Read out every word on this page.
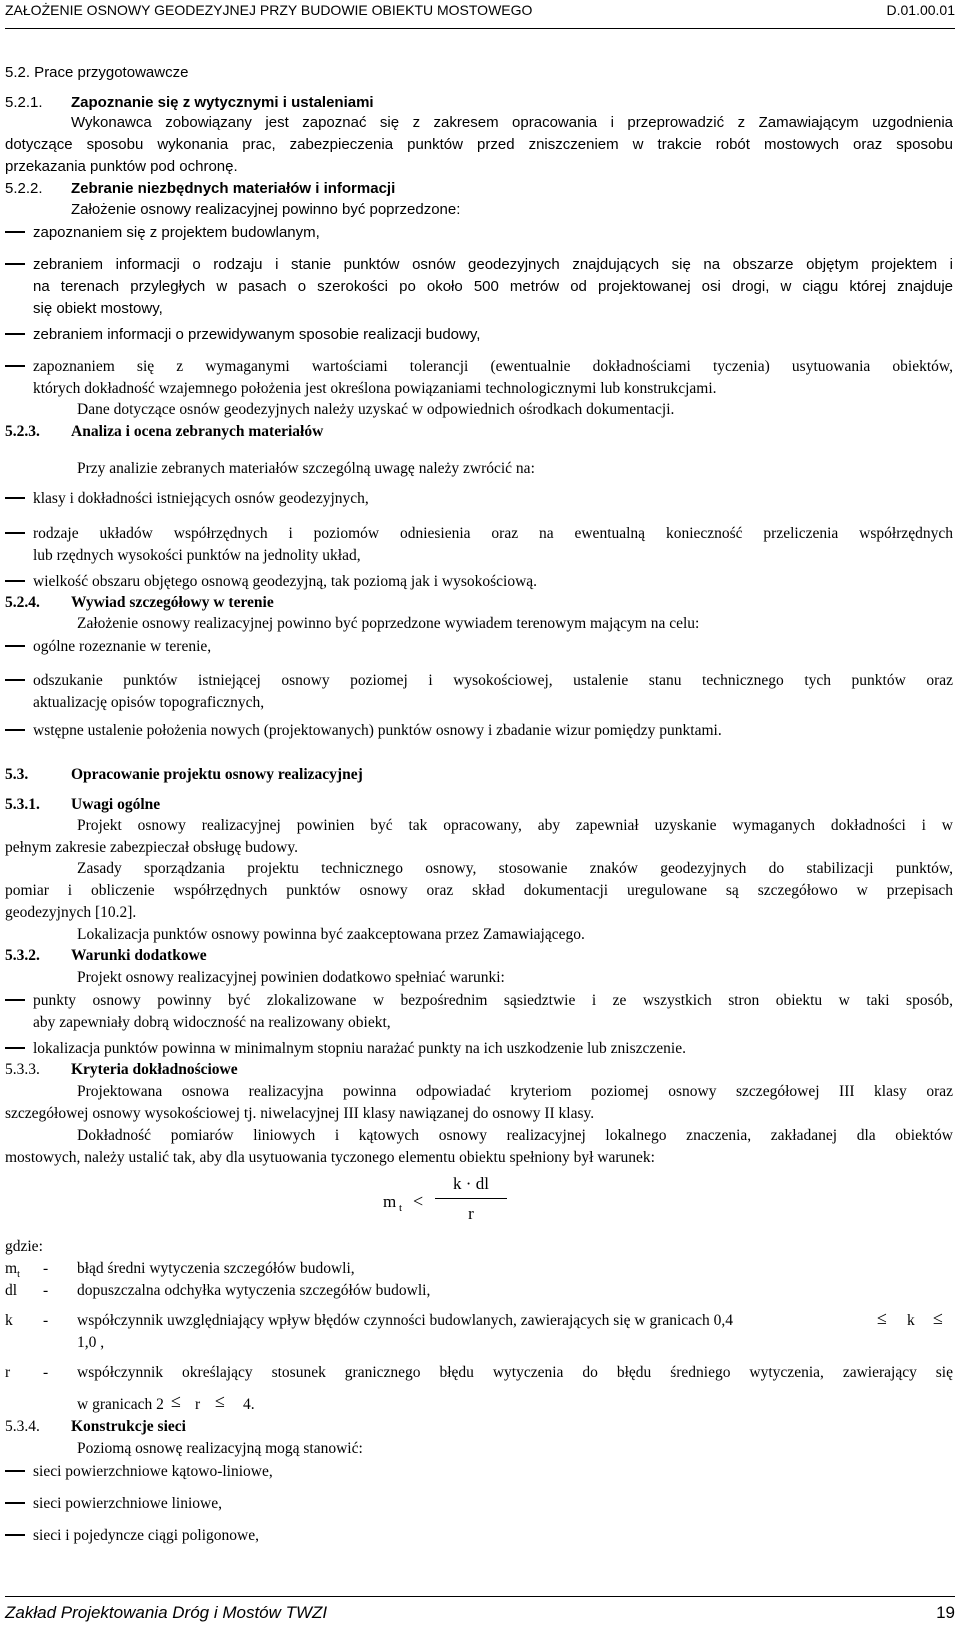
ZAŁOŻENIE OSNOWY GEODEZYJNEJ PRZY BUDOWIE OBIEKTU MOSTOWEGO	D.01.00.01
5.2. Prace przygotowawcze
5.2.1. Zapoznanie się z wytycznymi i ustaleniami
Wykonawca zobowiązany jest zapoznać się z zakresem opracowania i przeprowadzić z Zamawiającym uzgodnienia
dotyczące sposobu wykonania prac, zabezpieczenia punktów przed zniszczeniem w trakcie robót mostowych oraz sposobu
przekazania punktów pod ochronę.
5.2.2. Zebranie niezbędnych materiałów i informacji
Założenie osnowy realizacyjnej powinno być poprzedzone:
zapoznaniem się z projektem budowlanym,
zebraniem informacji o rodzaju i stanie punktów osnów geodezyjnych znajdujących się na obszarze objętym projektem i
na terenach przyległych w pasach o szerokości po około 500 metrów od projektowanej osi drogi, w ciągu której znajduje
się obiekt mostowy,
zebraniem informacji o przewidywanym sposobie realizacji budowy,
zapoznaniem się z wymaganymi wartościami tolerancji (ewentualnie dokładnościami tyczenia) usytuowania obiektów,
których dokładność wzajemnego położenia jest określona powiązaniami technologicznymi lub konstrukcjami.
Dane dotyczące osnów geodezyjnych należy uzyskać w odpowiednich ośrodkach dokumentacji.
5.2.3. Analiza i ocena zebranych materiałów
Przy analizie zebranych materiałów szczególną uwagę należy zwrócić na:
klasy i dokładności istniejących osnów geodezyjnych,
rodzaje układów współrzędnych i poziomów odniesienia oraz na ewentualną konieczność przeliczenia współrzędnych
lub rzędnych wysokości punktów na jednolity układ,
wielkość obszaru objętego osnową geodezyjną, tak poziomą jak i wysokościową.
5.2.4. Wywiad szczegółowy w terenie
Założenie osnowy realizacyjnej powinno być poprzedzone wywiadem terenowym mającym na celu:
ogólne rozeznanie w terenie,
odszukanie punktów istniejącej osnowy poziomej i wysokościowej, ustalenie stanu technicznego tych punktów oraz
aktualizację opisów topograficznych,
wstępne ustalenie położenia nowych (projektowanych) punktów osnowy i zbadanie wizur pomiędzy punktami.
5.3.	Opracowanie projektu osnowy realizacyjnej
5.3.1. Uwagi ogólne
Projekt osnowy realizacyjnej powinien być tak opracowany, aby zapewniał uzyskanie wymaganych dokładności i w
pełnym zakresie zabezpieczał obsługę budowy.
Zasady sporządzania projektu technicznego osnowy, stosowanie znaków geodezyjnych do stabilizacji punktów,
pomiar i obliczenie współrzędnych punktów osnowy oraz skład dokumentacji uregulowane są szczegółowo w przepisach
geodezyjnych [10.2].
Lokalizacja punktów osnowy powinna być zaakceptowana przez Zamawiającego.
5.3.2. Warunki dodatkowe
Projekt osnowy realizacyjnej powinien dodatkowo spełniać warunki:
punkty osnowy powinny być zlokalizowane w bezpośrednim sąsiedztwie i ze wszystkich stron obiektu w taki sposób,
aby zapewniały dobrą widoczność na realizowany obiekt,
lokalizacja punktów powinna w minimalnym stopniu narażać punkty na ich uszkodzenie lub zniszczenie.
5.3.3. Kryteria dokładnościowe
Projektowana osnowa realizacyjna powinna odpowiadać kryteriom poziomej osnowy szczegółowej III klasy oraz
szczegółowej osnowy wysokościowej tj. niwelacyjnej III klasy nawiązanej do osnowy II klasy.
Dokładność pomiarów liniowych i kątowych osnowy realizacyjnej lokalnego znaczenia, zakładanej dla obiektów
mostowych, należy ustalić tak, aby dla usytuowania tyczonego elementu obiektu spełniony był warunek:
m t <
k · dl
r
gdzie:
$m_t$ - błąd średni wytyczenia szczegółów budowli,
dl - dopuszczalna odchyłka wytyczenia szczegółów budowli,
k - współczynnik uwzględniający wpływ błędów czynności budowlanych, zawierających się w granicach 0,4	≤ k ≤
1,0 ,
r - współczynnik określający stosunek granicznego błędu wytyczenia do błędu średniego wytyczenia, zawierający się
w granicach 2 ≤ r ≤ 4.
5.3.4. Konstrukcje sieci
Poziomą osnowę realizacyjną mogą stanowić:
sieci powierzchniowe kątowo-liniowe,
sieci powierzchniowe liniowe,
sieci i pojedyncze ciągi poligonowe,
Zakład Projektowania Dróg i Mostów TWZI	19
